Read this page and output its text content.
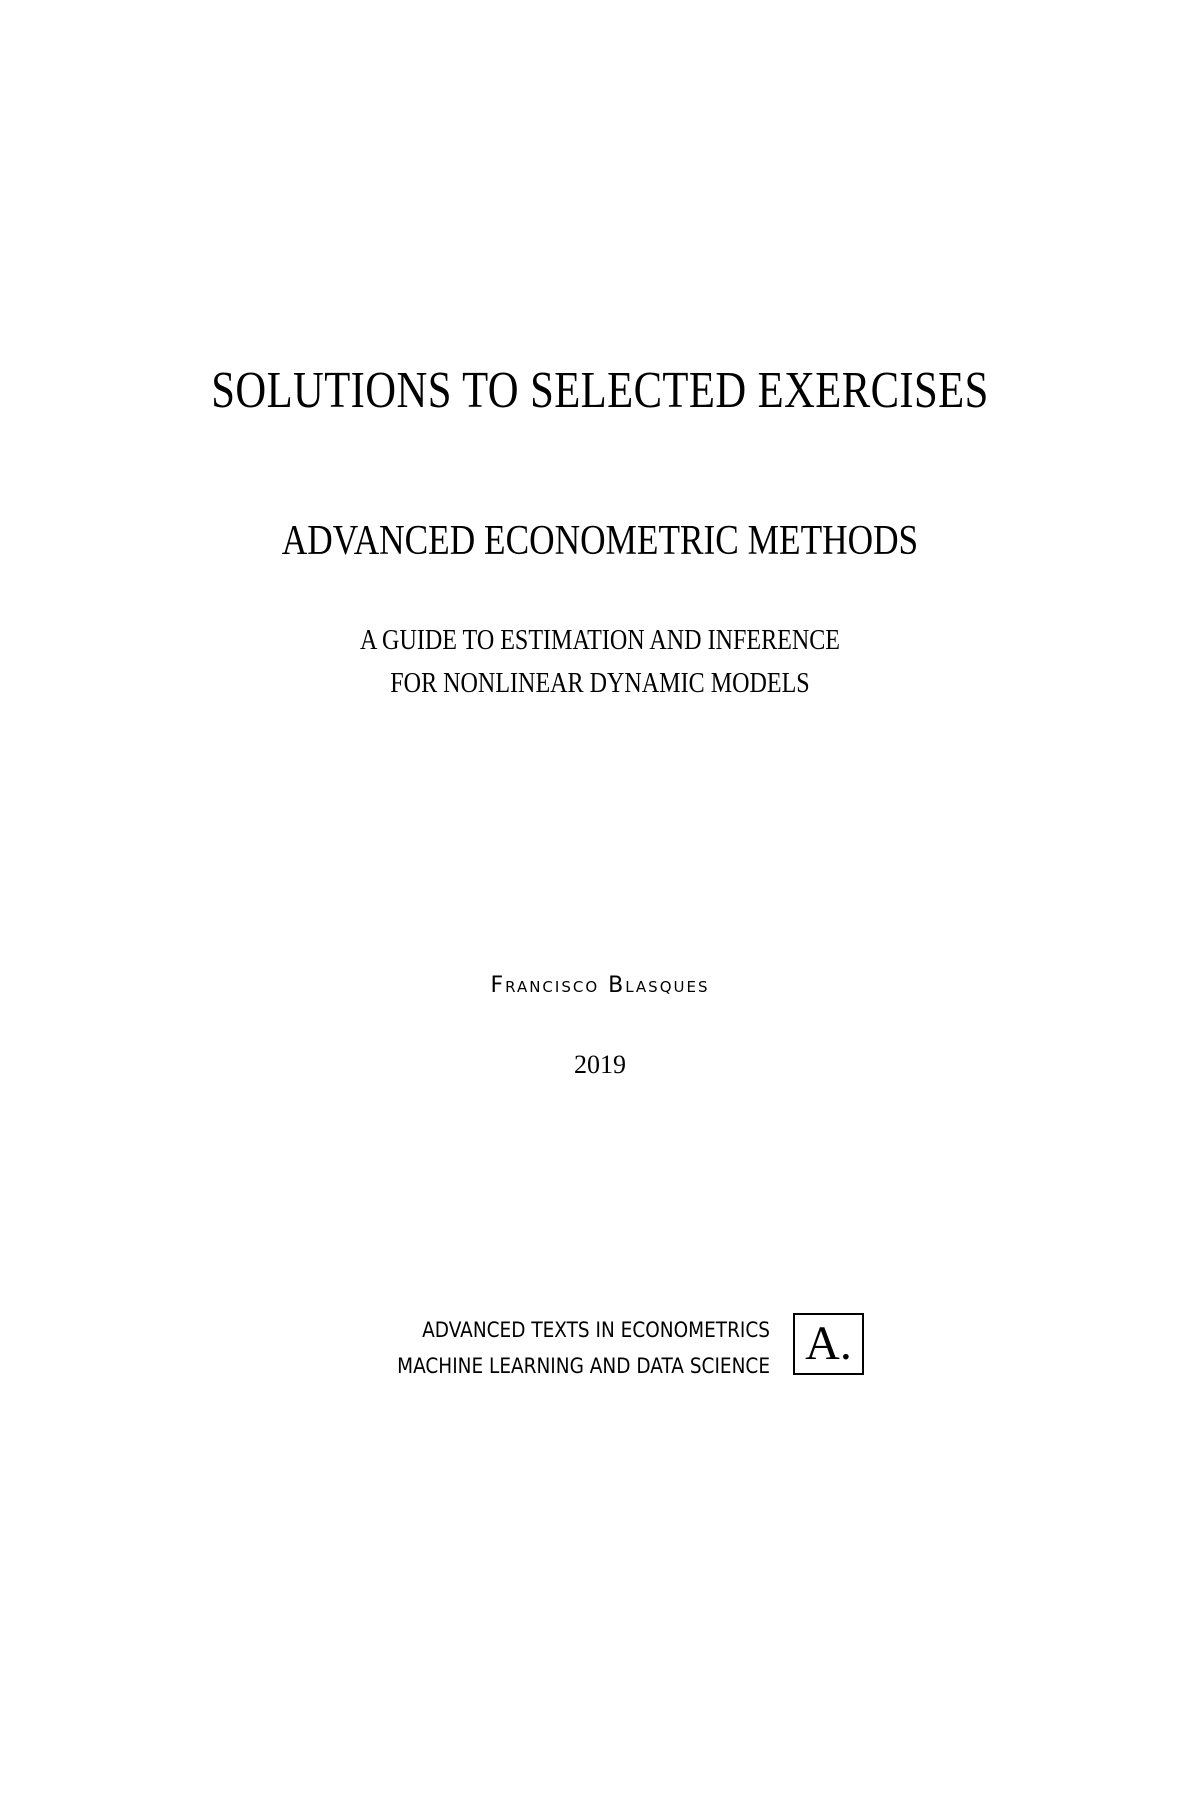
SOLUTIONS TO SELECTED EXERCISES
ADVANCED ECONOMETRIC METHODS
A GUIDE TO ESTIMATION AND INFERENCE
FOR NONLINEAR DYNAMIC MODELS
Francisco Blasques
2019
ADVANCED TEXTS IN ECONOMETRICS
MACHINE LEARNING AND DATA SCIENCE A.
